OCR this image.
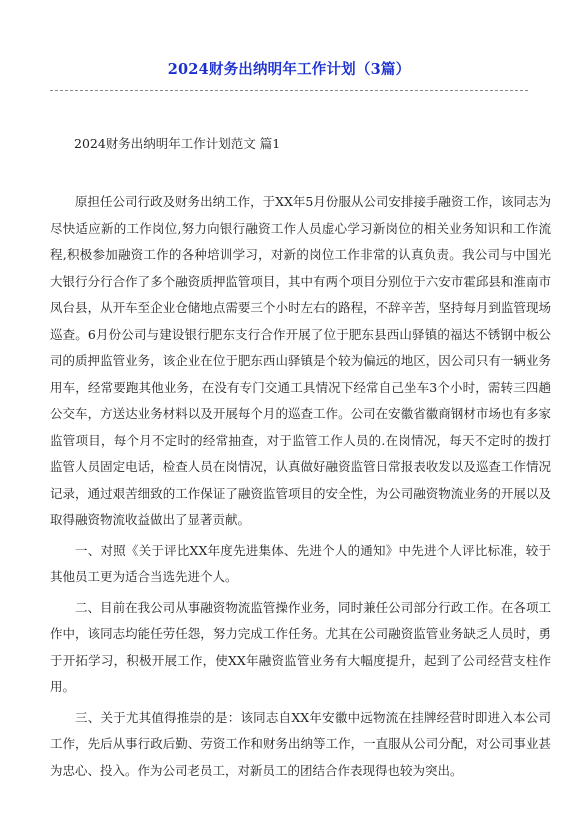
2024财务出纳明年工作计划（3篇）
2024财务出纳明年工作计划范文 篇1

原担任公司行政及财务出纳工作，于XX年5月份服从公司安排接手融资工作，该同志为尽快适应新的工作岗位,努力向银行融资工作人员虚心学习新岗位的相关业务知识和工作流程,积极参加融资工作的各种培训学习，对新的岗位工作非常的认真负责。我公司与中国光大银行分行合作了多个融资质押监管项目，其中有两个项目分别位于六安市霍邱县和淮南市凤台县，从开车至企业仓储地点需要三个小时左右的路程，不辞辛苦，坚持每月到监管现场巡查。6月份公司与建设银行肥东支行合作开展了位于肥东县西山驿镇的福达不锈钢中板公司的质押监管业务，该企业在位于肥东西山驿镇是个较为偏远的地区，因公司只有一辆业务用车，经常要跑其他业务，在没有专门交通工具情况下经常自己坐车3个小时，需转三四趟公交车，方送达业务材料以及开展每个月的巡查工作。公司在安徽省徽商钢材市场也有多家监管项目，每个月不定时的经常抽查，对于监管工作人员的.在岗情况，每天不定时的拨打监管人员固定电话，检查人员在岗情况，认真做好融资监管日常报表收发以及巡查工作情况记录，通过艰苦细致的工作保证了融资监管项目的安全性，为公司融资物流业务的开展以及取得融资物流收益做出了显著贡献。

一、对照《关于评比XX年度先进集体、先进个人的通知》中先进个人评比标准，较于其他员工更为适合当选先进个人。

二、目前在我公司从事融资物流监管操作业务，同时兼任公司部分行政工作。在各项工作中，该同志均能任劳任怨，努力完成工作任务。尤其在公司融资监管业务缺乏人员时，勇于开拓学习，积极开展工作，使XX年融资监管业务有大幅度提升，起到了公司经营支柱作用。

三、关于尤其值得推崇的是：该同志自XX年安徽中远物流在挂牌经营时即进入本公司工作，先后从事行政后勤、劳资工作和财务出纳等工作，一直服从公司分配，对公司事业甚为忠心、投入。作为公司老员工，对新员工的团结合作表现得也较为突出。
